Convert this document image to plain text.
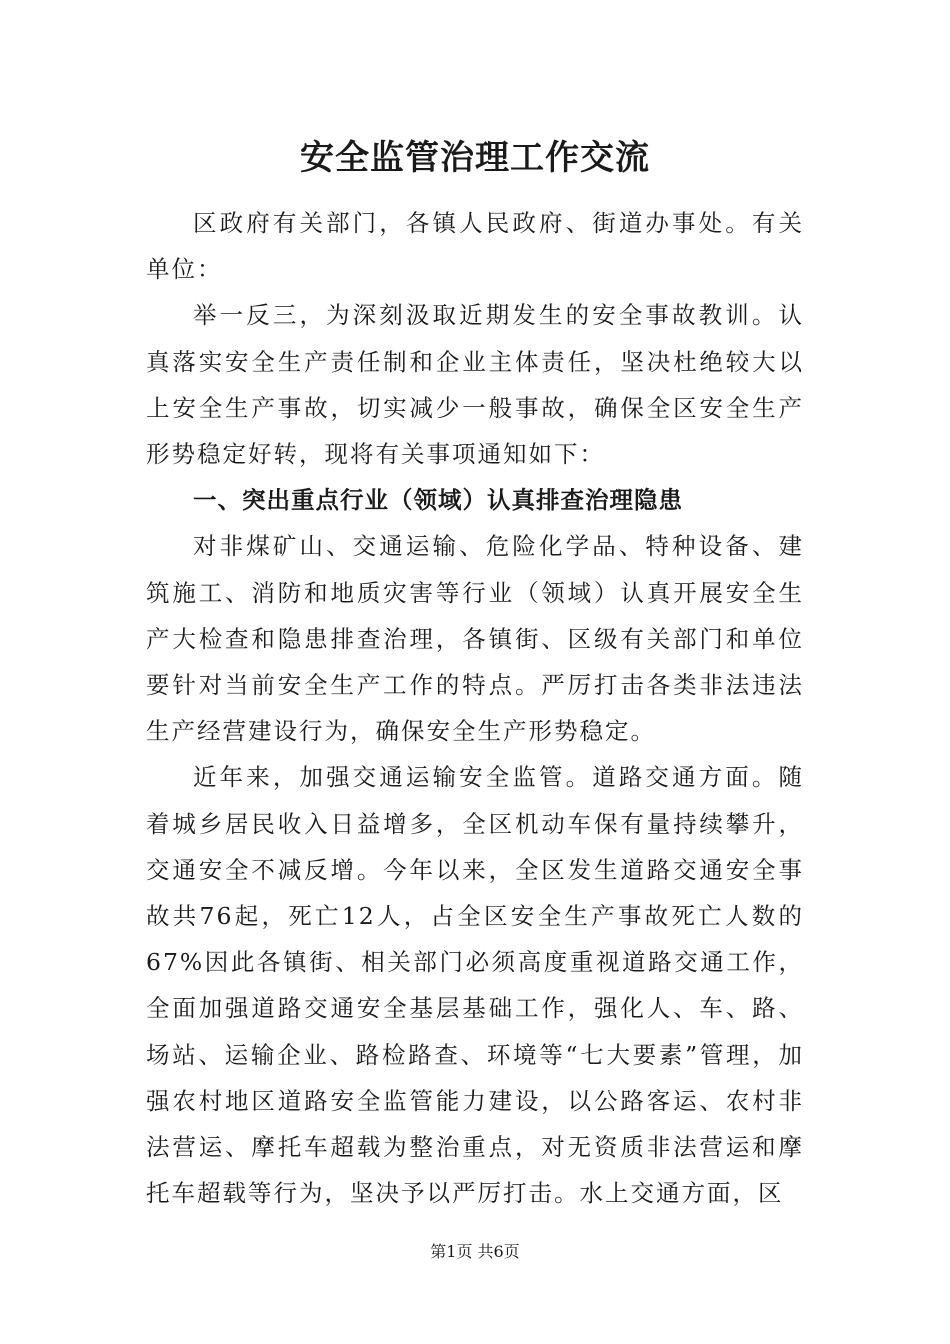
安全监管治理工作交流

区政府有关部门，各镇人民政府、街道办事处。有关单位：

举一反三，为深刻汲取近期发生的安全事故教训。认真落实安全生产责任制和企业主体责任，坚决杜绝较大以上安全生产事故，切实减少一般事故，确保全区安全生产形势稳定好转，现将有关事项通知如下：

一、突出重点行业（领域）认真排查治理隐患

对非煤矿山、交通运输、危险化学品、特种设备、建筑施工、消防和地质灾害等行业（领域）认真开展安全生产大检查和隐患排查治理，各镇街、区级有关部门和单位要针对当前安全生产工作的特点。严厉打击各类非法违法生产经营建设行为，确保安全生产形势稳定。

近年来，加强交通运输安全监管。道路交通方面。随着城乡居民收入日益增多，全区机动车保有量持续攀升，交通安全不减反增。今年以来，全区发生道路交通安全事故共76起，死亡12人，占全区安全生产事故死亡人数的67%因此各镇街、相关部门必须高度重视道路交通工作，全面加强道路交通安全基层基础工作，强化人、车、路、场站、运输企业、路检路查、环境等“七大要素”管理，加强农村地区道路安全监管能力建设，以公路客运、农村非法营运、摩托车超载为整治重点，对无资质非法营运和摩托车超载等行为，坚决予以严厉打击。水上交通方面，区

第1页 共6页
